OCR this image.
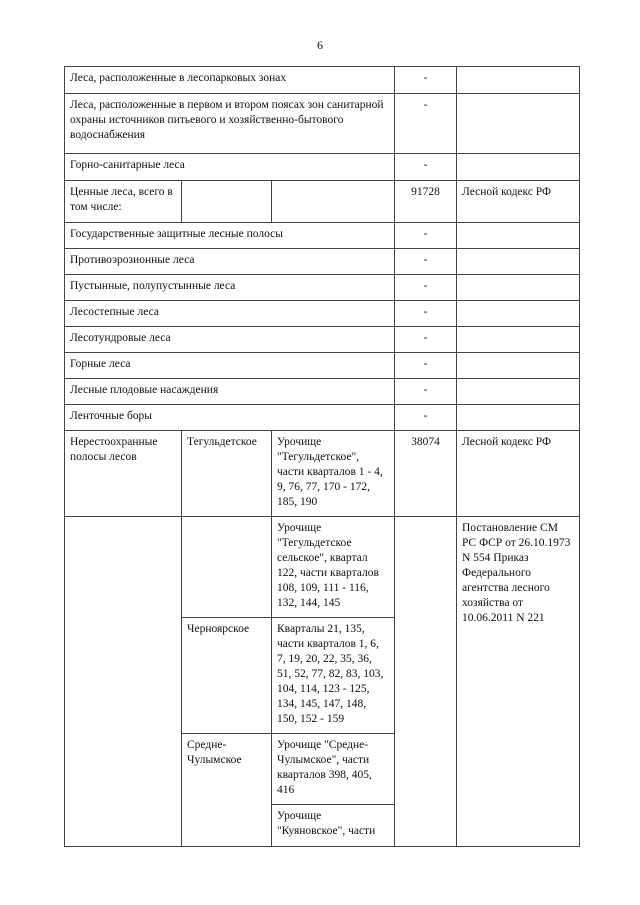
6
Леса, расположенные в лесопарковых зонах			-	
Леса, расположенные в первом и втором поясах зон санитарной охраны источников питьевого и хозяйственно-бытового водоснабжения			-	
Горно-санитарные леса			-	
Ценные леса, всего в том числе:			91728	Лесной кодекс РФ
Государственные защитные лесные полосы			-	
Противоэрозионные леса			-	
Пустынные, полупустынные леса			-	
Лесостепные леса			-	
Лесотундровые леса			-	
Горные леса			-	
Лесные плодовые насаждения			-	
Ленточные боры			-	
Нерестоохранные полосы лесов	Тегульдетское	Урочище "Тегульдетское", части кварталов 1 - 4, 9, 76, 77, 170 - 172, 185, 190	38074	Лесной кодекс РФ
		Урочище "Тегульдетское сельское", квартал 122, части кварталов 108, 109, 111 - 116, 132, 144, 145		Постановление СМ РС ФСР от 26.10.1973 N 554 Приказ Федерального агентства лесного хозяйства от 10.06.2011 N 221
	Черноярское	Кварталы 21, 135, части кварталов 1, 6, 7, 19, 20, 22, 35, 36, 51, 52, 77, 82, 83, 103, 104, 114, 123 - 125, 134, 145, 147, 148, 150, 152 - 159		
	Средне-Чулымское	Урочище "Средне-Чулымское", части кварталов 398, 405, 416		
		Урочище "Куяновское", части		
